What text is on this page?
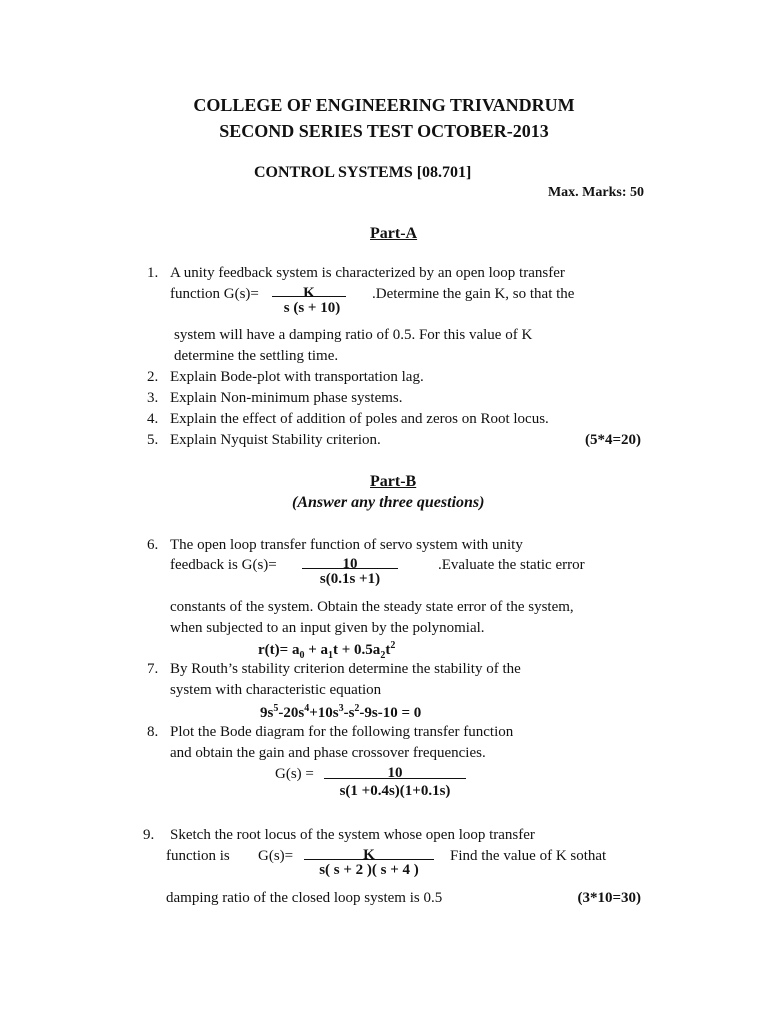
COLLEGE OF ENGINEERING TRIVANDRUM
SECOND SERIES TEST OCTOBER-2013
CONTROL SYSTEMS [08.701]
Max. Marks: 50
Part-A
1. A unity feedback system is characterized by an open loop transfer
function G(s)=	K
s (s + 10)
.Determine the gain K, so that the
system will have a damping ratio of 0.5. For this value of K
determine the settling time.
2. Explain Bode-plot with transportation lag.
3. Explain Non-minimum phase systems.
4. Explain the effect of addition of poles and zeros on Root locus.
5. Explain Nyquist Stability criterion.	(5*4=20)
Part-B
(Answer any three questions)
6. The open loop transfer function of servo system with unity
feedback is G(s)=	10
s(0.1s +1)
.Evaluate the static error
constants of the system. Obtain the steady state error of the system,
when subjected to an input given by the polynomial.
$r(t)= a_0 + a_1t + 0.5a_2t^2$
7. By Routh’s stability criterion determine the stability of the
system with characteristic equation
$9s^5-20s^4+10s^3-s^2-9s-10 = 0$
8. Plot the Bode diagram for the following transfer function
and obtain the gain and phase crossover frequencies.
G(s) =	10
s(1 +0.4s)(1+0.1s)
9. Sketch the root locus of the system whose open loop transfer
function is G(s)=	K
s( s + 2 )( s + 4 )
Find the value of K sothat
damping ratio of the closed loop system is 0.5	(3*10=30)
